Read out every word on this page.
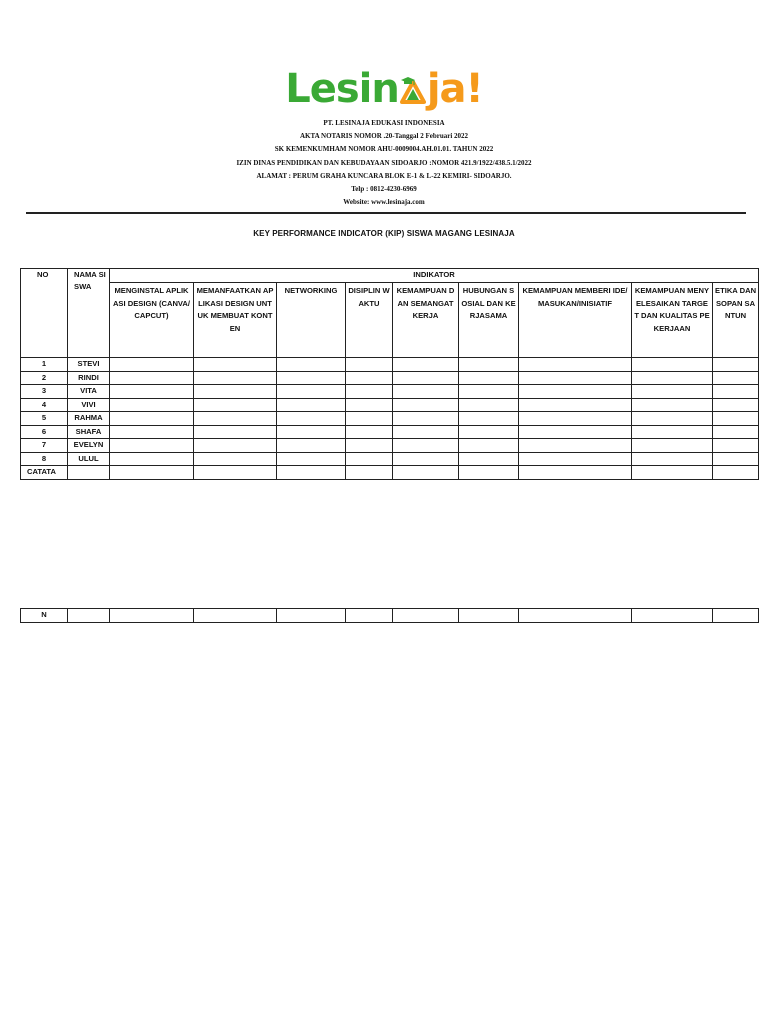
Lesin ja!
PT. LESINAJA EDUKASI INDONESIA
AKTA NOTARIS NOMOR .20-Tanggal 2 Februari 2022
SK KEMENKUMHAM NOMOR AHU-0009004.AH.01.01. TAHUN 2022
IZIN DINAS PENDIDIKAN DAN KEBUDAYAAN SIDOARJO :NOMOR 421.9/1922/438.5.1/2022
ALAMAT : PERUM GRAHA KUNCARA BLOK E-1 & L-22 KEMIRI- SIDOARJO.
Telp : 0812-4230-6969
Website: www.lesinaja.com
KEY PERFORMANCE INDICATOR (KIP) SISWA MAGANG LESINAJA
NO	NAMA SISWA	INDIKATOR								
		MENGINSTAL APLIKASI DESIGN (CANVA/CAPCUT)	MEMANFAATKAN APLIKASI DESIGN UNTUK MEMBUAT KONTEN	NETWORKING	DISIPLIN WAKTU	KEMAMPUAN DAN SEMANGAT KERJA	HUBUNGAN SOSIAL DAN KERJASAMA	KEMAMPUAN MEMBERI IDE/MASUKAN/INISIATIF	KEMAMPUAN MENYELESAIKAN TARGET DAN KUALITAS PEKERJAAN	ETIKA DAN SOPAN SANTUN
1	STEVI									
2	RINDI									
3	VITA									
4	VIVI									
5	RAHMA									
6	SHAFA									
7	EVELYN									
8	ULUL									
CATATA										
N										
